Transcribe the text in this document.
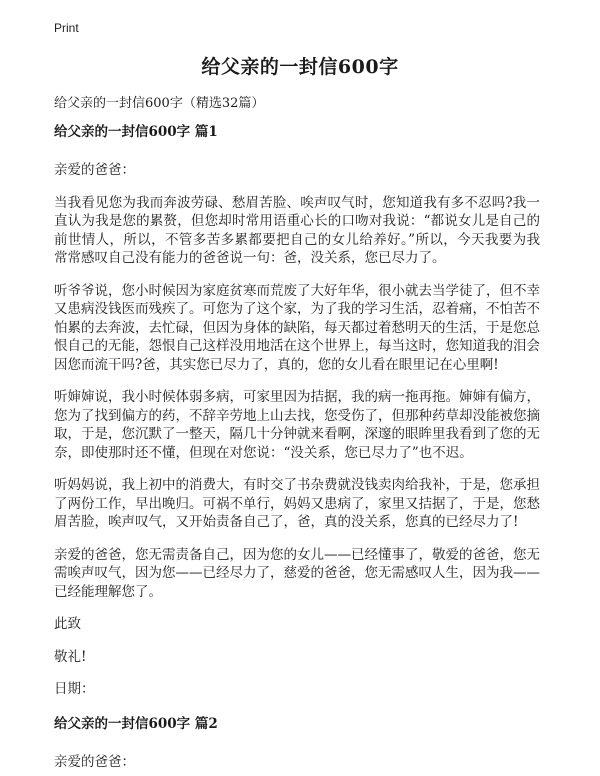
Print
给父亲的一封信600字

给父亲的一封信600字（精选32篇）

给父亲的一封信600字 篇1

亲爱的爸爸：

当我看见您为我而奔波劳碌、愁眉苦脸、唉声叹气时，您知道我有多不忍吗?我一直认为我是您的累赘，但您却时常用语重心长的口吻对我说：“都说女儿是自己的前世情人，所以，不管多苦多累都要把自己的女儿给养好。”所以，今天我要为我常常感叹自己没有能力的爸爸说一句：爸，没关系，您已尽力了。

听爷爷说，您小时候因为家庭贫寒而荒废了大好年华，很小就去当学徒了，但不幸又患病没钱医而残疾了。可您为了这个家，为了我的学习生活，忍着痛，不怕苦不怕累的去奔波，去忙碌，但因为身体的缺陷，每天都过着愁明天的生活，于是您总恨自己的无能，怨恨自己这样没用地活在这个世界上，每当这时，您知道我的泪会因您而流干吗?爸，其实您已尽力了，真的，您的女儿看在眼里记在心里啊!

听婶婶说，我小时候体弱多病，可家里因为拮据，我的病一拖再拖。婶婶有偏方，您为了找到偏方的药，不辞辛劳地上山去找，您受伤了，但那种药草却没能被您摘取，于是，您沉默了一整天，隔几十分钟就来看啊，深邃的眼眸里我看到了您的无奈，即使那时还不懂，但现在对您说：“没关系，您已尽力了”也不迟。

听妈妈说，我上初中的消费大，有时交了书杂费就没钱卖肉给我补，于是，您承担了两份工作，早出晚归。可祸不单行，妈妈又患病了，家里又拮据了，于是，您愁眉苦脸，唉声叹气，又开始责备自己了，爸，真的没关系，您真的已经尽力了!

亲爱的爸爸，您无需责备自己，因为您的女儿——已经懂事了，敬爱的爸爸，您无需唉声叹气，因为您——已经尽力了，慈爱的爸爸，您无需感叹人生，因为我——已经能理解您了。

此致

敬礼!

日期：

给父亲的一封信600字 篇2

亲爱的爸爸：
